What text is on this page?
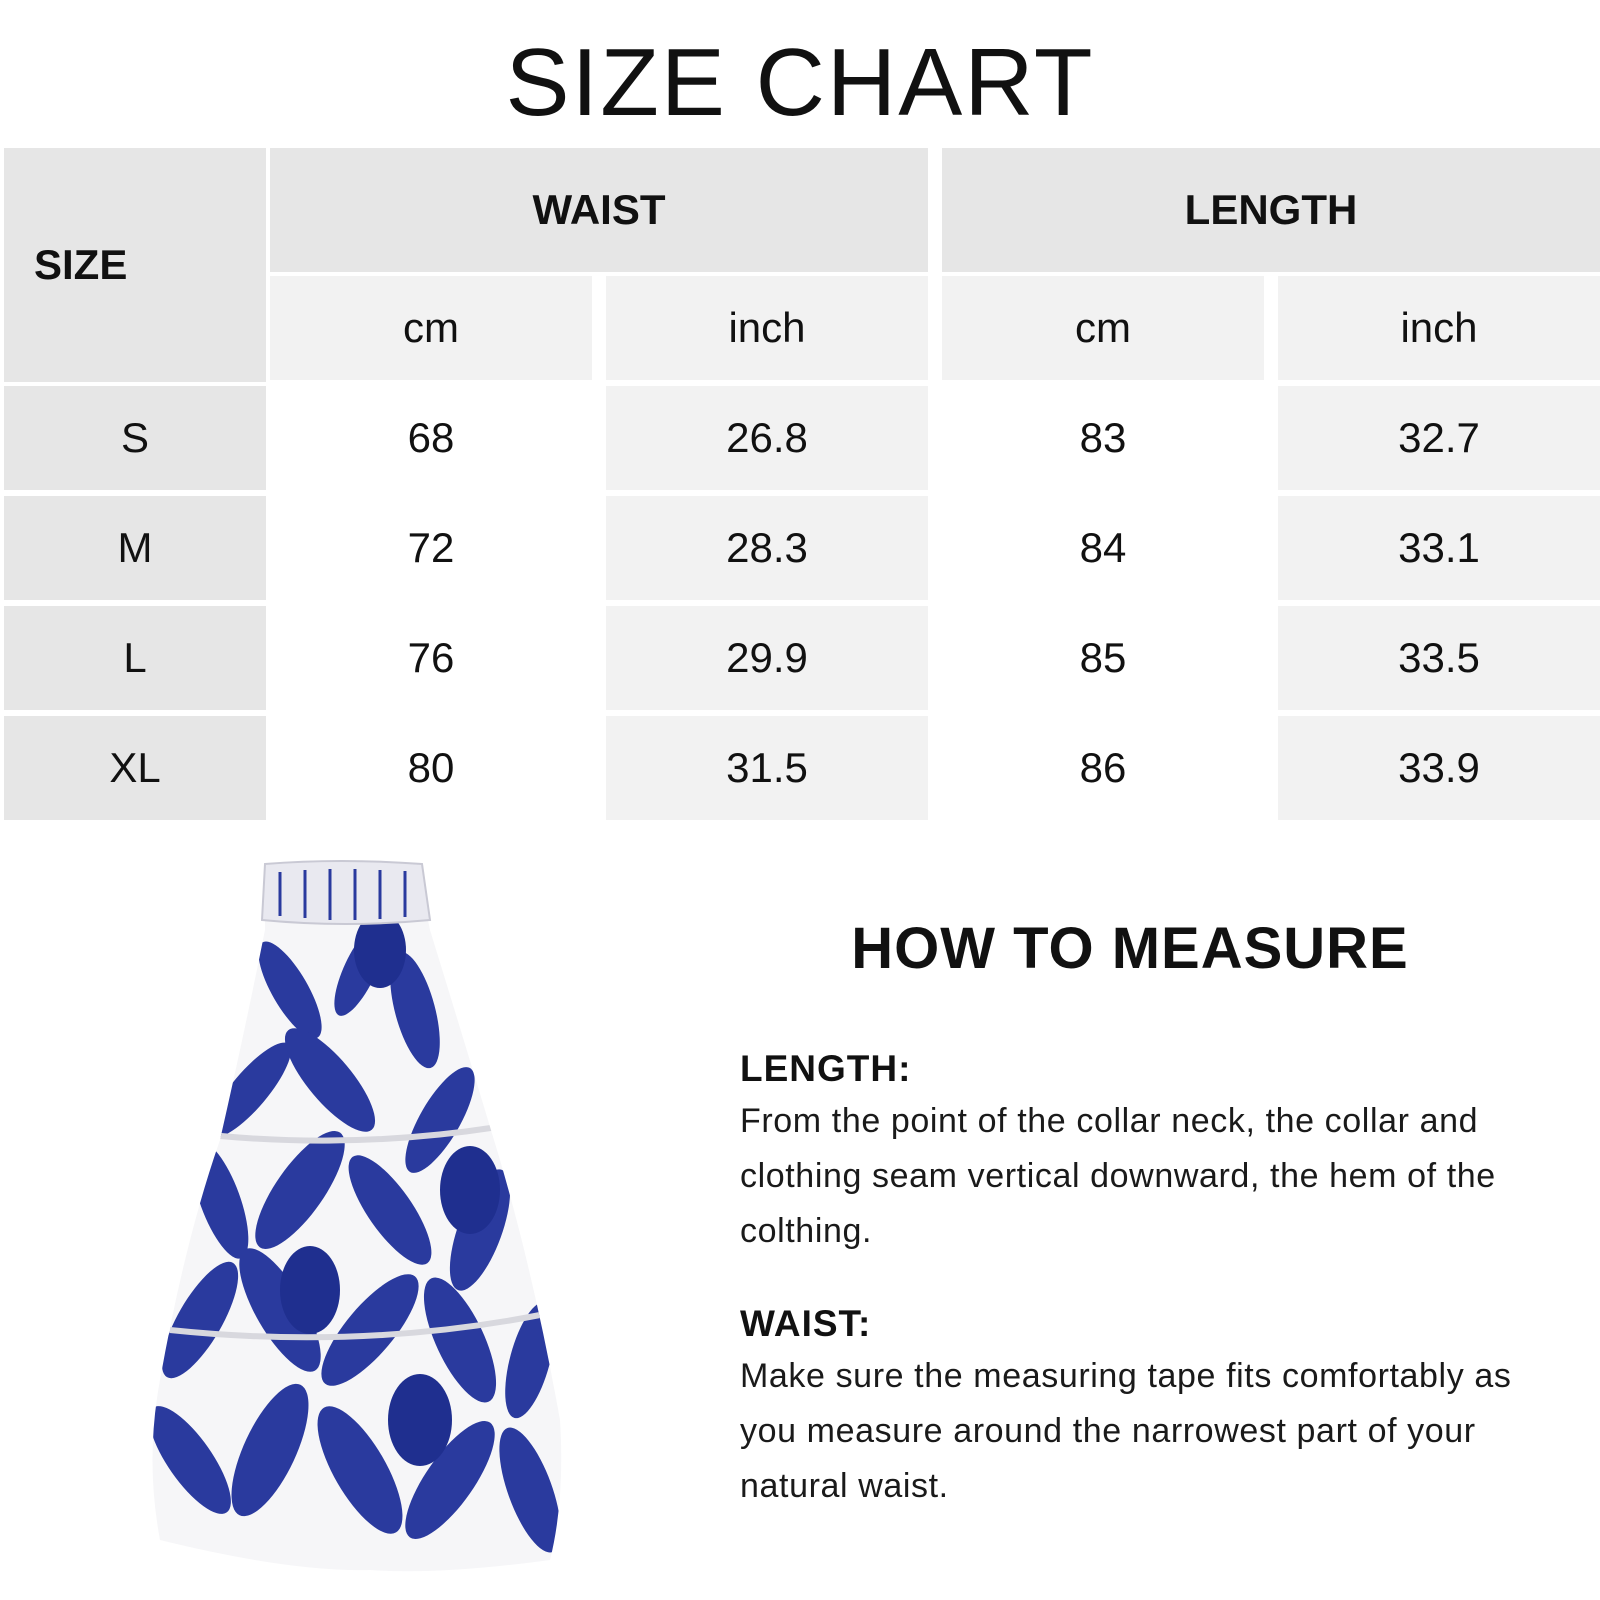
SIZE CHART
SIZE
WAIST	LENGTH
cm	inch	cm	inch
S	68	26.8	83	32.7
M	72	28.3	84	33.1
L	76	29.9	85	33.5
XL	80	31.5	86	33.9
HOW TO MEASURE
LENGTH:
From the point of the collar neck, the collar and clothing seam vertical downward, the hem of the colthing.
WAIST:
Make sure the measuring tape fits comfortably as you measure around the narrowest part of your natural waist.
